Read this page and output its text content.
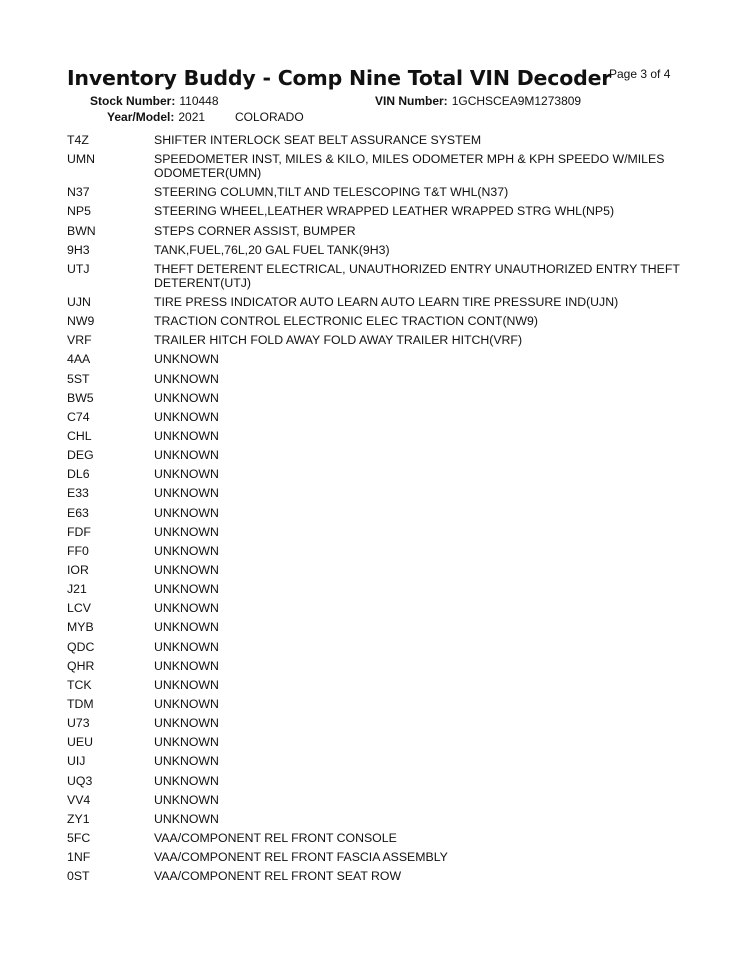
Inventory Buddy - Comp Nine Total VIN Decoder
Page 3 of 4
Stock Number: 110448	VIN Number: 1GCHSCEA9M1273809
Year/Model: 2021 COLORADO
T4Z	SHIFTER INTERLOCK SEAT BELT ASSURANCE SYSTEM
UMN	SPEEDOMETER INST, MILES & KILO, MILES ODOMETER MPH & KPH SPEEDO W/MILES ODOMETER(UMN)
N37	STEERING COLUMN,TILT AND TELESCOPING T&T WHL(N37)
NP5	STEERING WHEEL,LEATHER WRAPPED LEATHER WRAPPED STRG WHL(NP5)
BWN	STEPS CORNER ASSIST, BUMPER
9H3	TANK,FUEL,76L,20 GAL FUEL TANK(9H3)
UTJ	THEFT DETERENT ELECTRICAL, UNAUTHORIZED ENTRY UNAUTHORIZED ENTRY THEFT DETERENT(UTJ)
UJN	TIRE PRESS INDICATOR AUTO LEARN AUTO LEARN TIRE PRESSURE IND(UJN)
NW9	TRACTION CONTROL ELECTRONIC ELEC TRACTION CONT(NW9)
VRF	TRAILER HITCH FOLD AWAY FOLD AWAY TRAILER HITCH(VRF)
4AA	UNKNOWN
5ST	UNKNOWN
BW5	UNKNOWN
C74	UNKNOWN
CHL	UNKNOWN
DEG	UNKNOWN
DL6	UNKNOWN
E33	UNKNOWN
E63	UNKNOWN
FDF	UNKNOWN
FF0	UNKNOWN
IOR	UNKNOWN
J21	UNKNOWN
LCV	UNKNOWN
MYB	UNKNOWN
QDC	UNKNOWN
QHR	UNKNOWN
TCK	UNKNOWN
TDM	UNKNOWN
U73	UNKNOWN
UEU	UNKNOWN
UIJ	UNKNOWN
UQ3	UNKNOWN
VV4	UNKNOWN
ZY1	UNKNOWN
5FC	VAA/COMPONENT REL FRONT CONSOLE
1NF	VAA/COMPONENT REL FRONT FASCIA ASSEMBLY
0ST	VAA/COMPONENT REL FRONT SEAT ROW
